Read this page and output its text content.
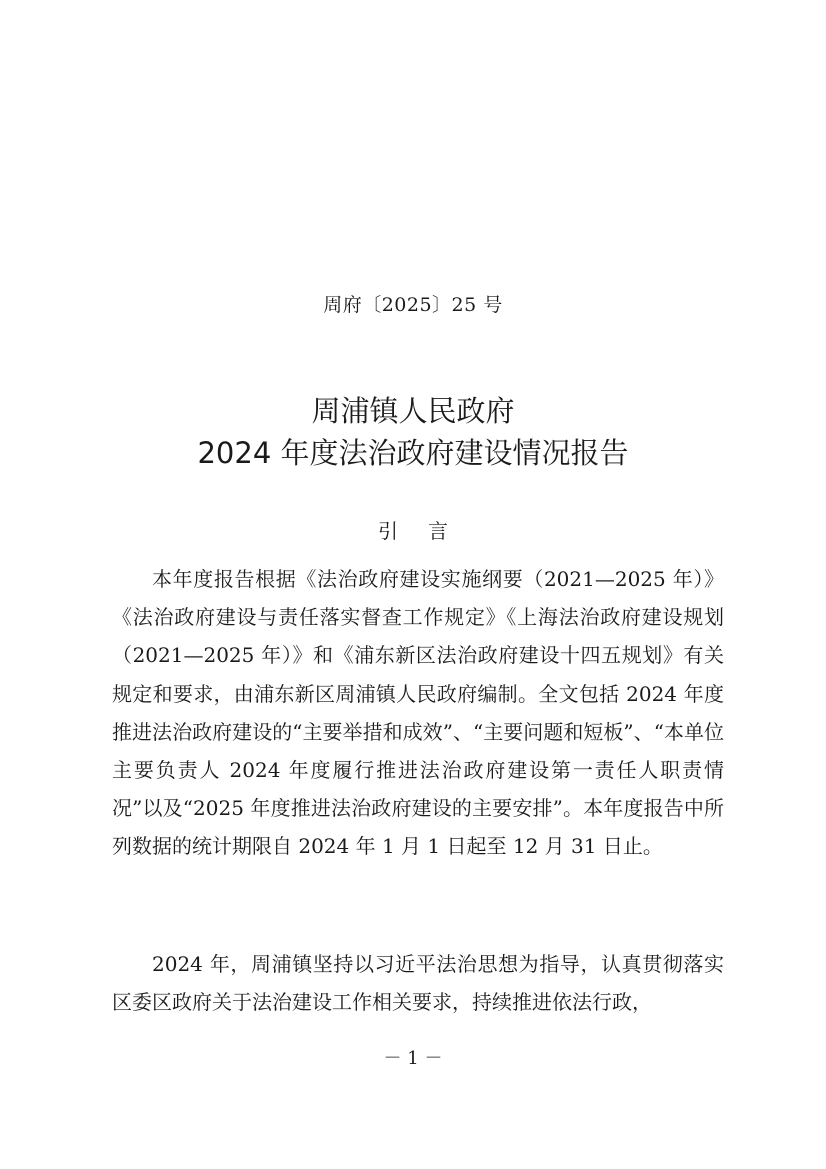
周府〔2025〕25 号
周浦镇人民政府
2024 年度法治政府建设情况报告
引言

本年度报告根据《法治政府建设实施纲要（2021—2025 年）》《法治政府建设与责任落实督查工作规定》《上海法治政府建设规划（2021—2025 年）》和《浦东新区法治政府建设十四五规划》有关规定和要求，由浦东新区周浦镇人民政府编制。全文包括 2024 年度推进法治政府建设的“主要举措和成效”、“主要问题和短板”、“本单位主要负责人 2024 年度履行推进法治政府建设第一责任人职责情况”以及“2025 年度推进法治政府建设的主要安排”。本年度报告中所列数据的统计期限自 2024 年 1 月 1 日起至 12 月 31 日止。

2024 年，周浦镇坚持以习近平法治思想为指导，认真贯彻落实区委区政府关于法治建设工作相关要求，持续推进依法行政，

－ 1 －
